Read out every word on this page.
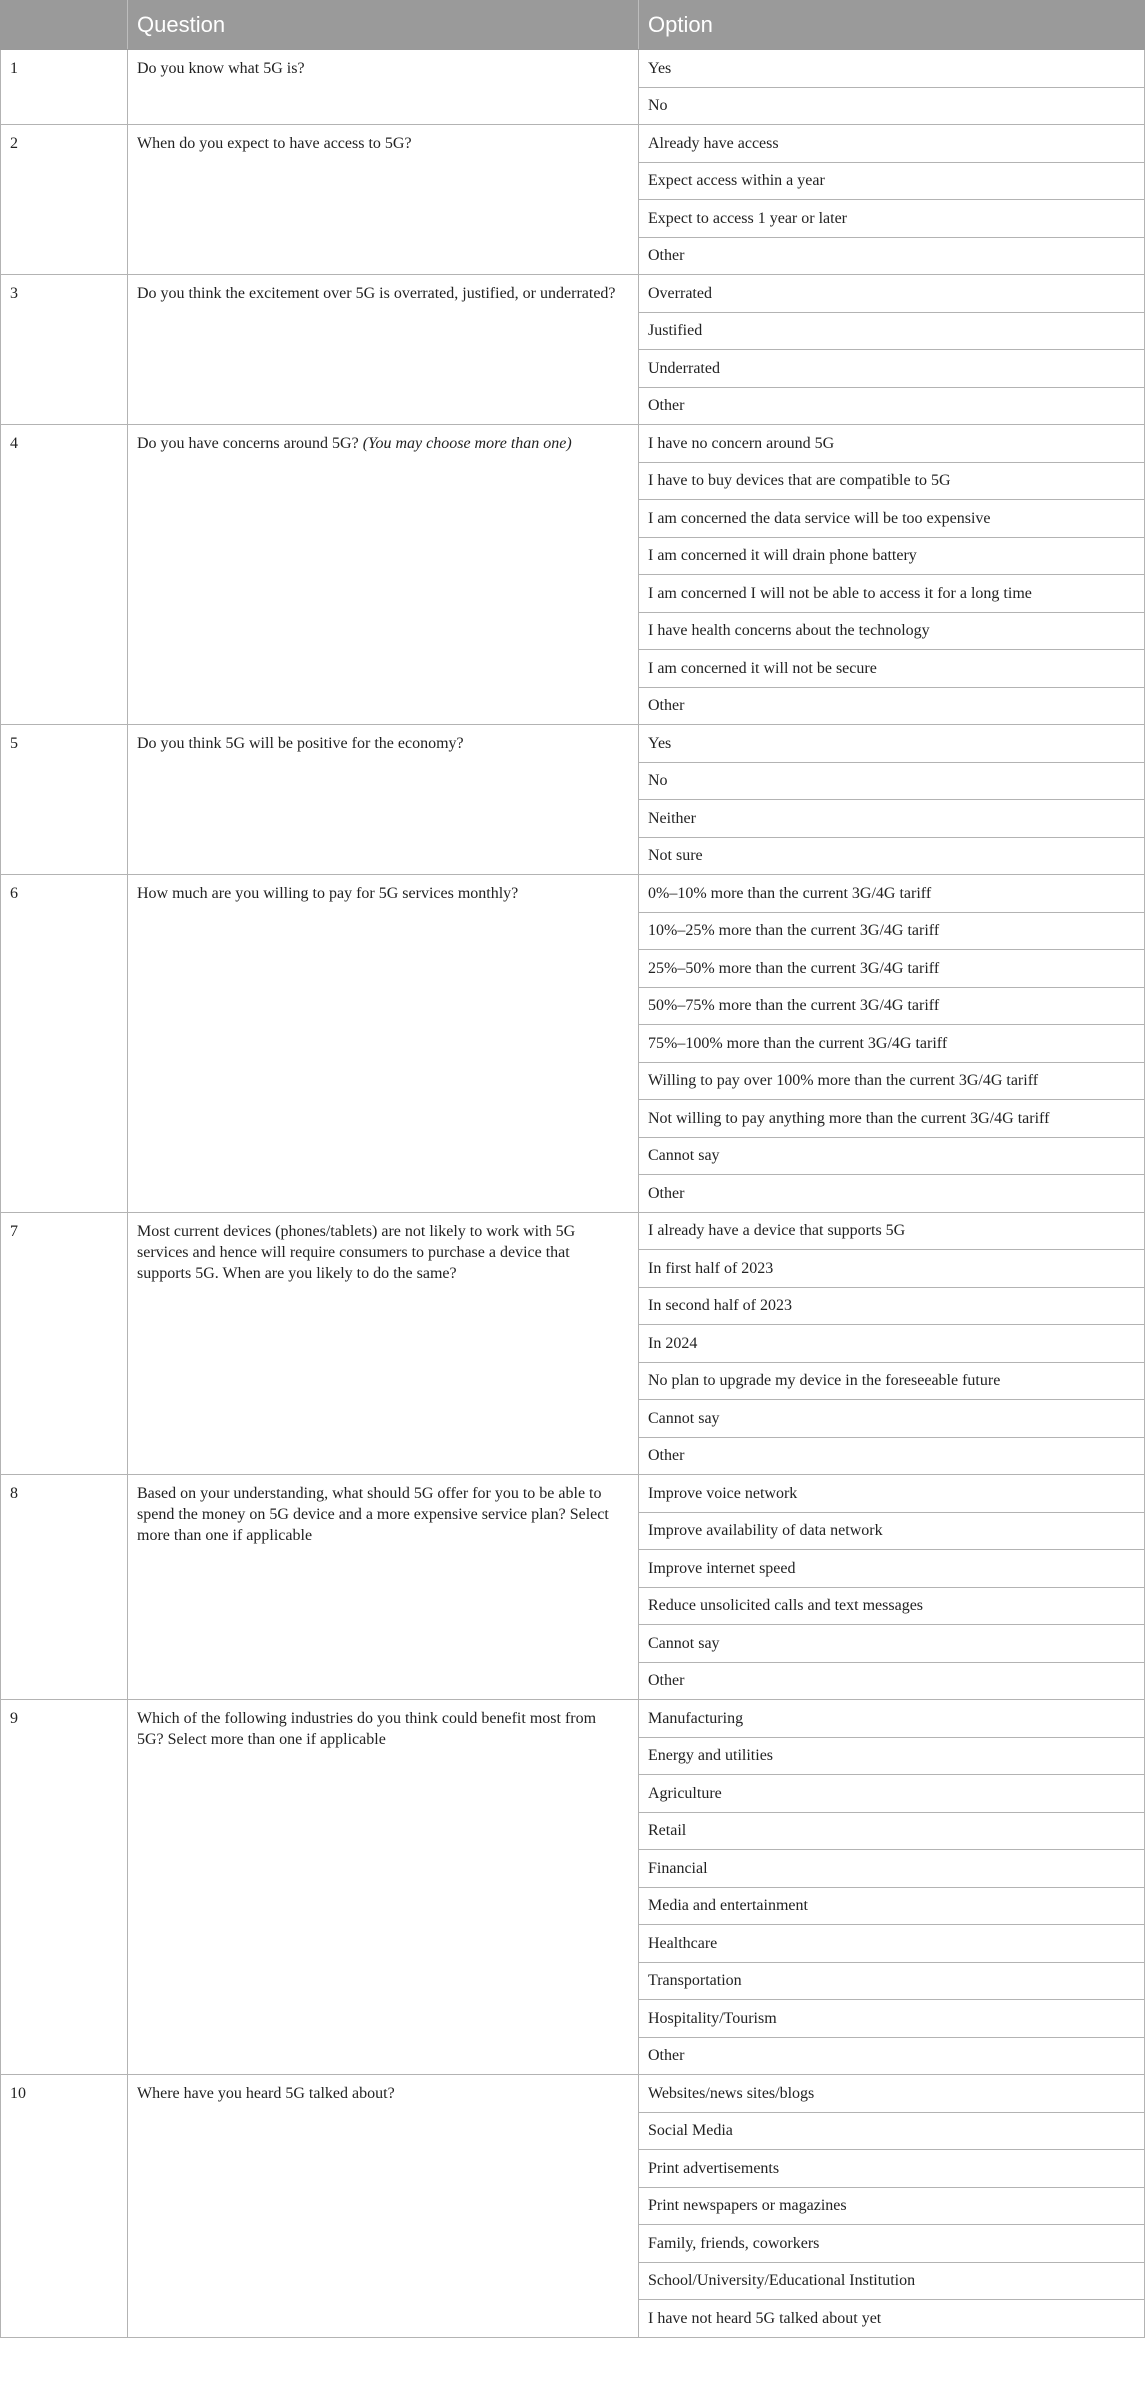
	Question	Option
1	Do you know what 5G is?	Yes
		No
2	When do you expect to have access to 5G?	Already have access
		Expect access within a year
		Expect to access 1 year or later
		Other
3	Do you think the excitement over 5G is overrated, justified, or underrated?	Overrated
		Justified
		Underrated
		Other
4	Do you have concerns around 5G? (You may choose more than one)	I have no concern around 5G
		I have to buy devices that are compatible to 5G
		I am concerned the data service will be too expensive
		I am concerned it will drain phone battery
		I am concerned I will not be able to access it for a long time
		I have health concerns about the technology
		I am concerned it will not be secure
		Other
5	Do you think 5G will be positive for the economy?	Yes
		No
		Neither
		Not sure
6	How much are you willing to pay for 5G services monthly?	0%–10% more than the current 3G/4G tariff
		10%–25% more than the current 3G/4G tariff
		25%–50% more than the current 3G/4G tariff
		50%–75% more than the current 3G/4G tariff
		75%–100% more than the current 3G/4G tariff
		Willing to pay over 100% more than the current 3G/4G tariff
		Not willing to pay anything more than the current 3G/4G tariff
		Cannot say
		Other
7	Most current devices (phones/tablets) are not likely to work with 5G services and hence will require consumers to purchase a device that supports 5G. When are you likely to do the same?	I already have a device that supports 5G
		In first half of 2023
		In second half of 2023
		In 2024
		No plan to upgrade my device in the foreseeable future
		Cannot say
		Other
8	Based on your understanding, what should 5G offer for you to be able to spend the money on 5G device and a more expensive service plan? Select more than one if applicable	Improve voice network
		Improve availability of data network
		Improve internet speed
		Reduce unsolicited calls and text messages
		Cannot say
		Other
9	Which of the following industries do you think could benefit most from 5G? Select more than one if applicable	Manufacturing
		Energy and utilities
		Agriculture
		Retail
		Financial
		Media and entertainment
		Healthcare
		Transportation
		Hospitality/Tourism
		Other
10	Where have you heard 5G talked about?	Websites/news sites/blogs
		Social Media
		Print advertisements
		Print newspapers or magazines
		Family, friends, coworkers
		School/University/Educational Institution
		I have not heard 5G talked about yet
